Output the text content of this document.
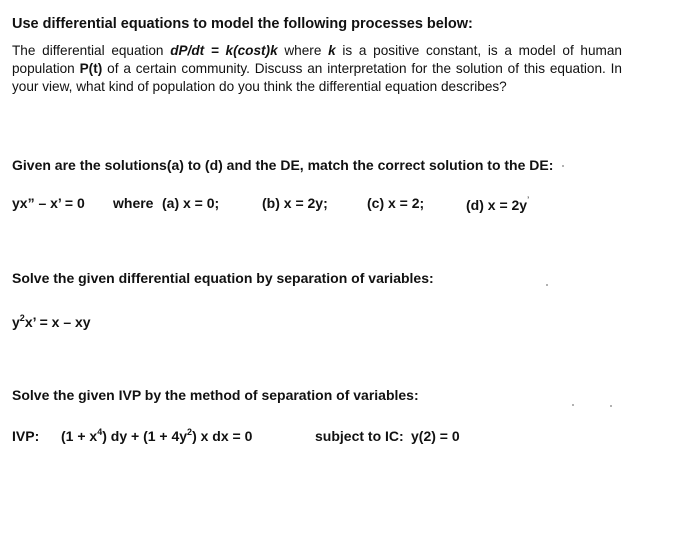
Use differential equations to model the following processes below:
The differential equation dP/dt = k(cost)k where k is a positive constant, is a model of human population P(t) of a certain community. Discuss an interpretation for the solution of this equation. In your view, what kind of population do you think the differential equation describes?
Given are the solutions(a) to (d) and the DE, match the correct solution to the DE:
yx” – x’ = 0 where (a) x = 0;	(b) x = 2y;	(c) x = 2;	(d) x = 2y’
Solve the given differential equation by separation of variables:
$y^2x$’ = x – xy
Solve the given IVP by the method of separation of variables:
IVP: $(1 + x^4)$ dy + $(1 + 4y^2)$ x dx = 0	subject to IC: y(2) = 0
